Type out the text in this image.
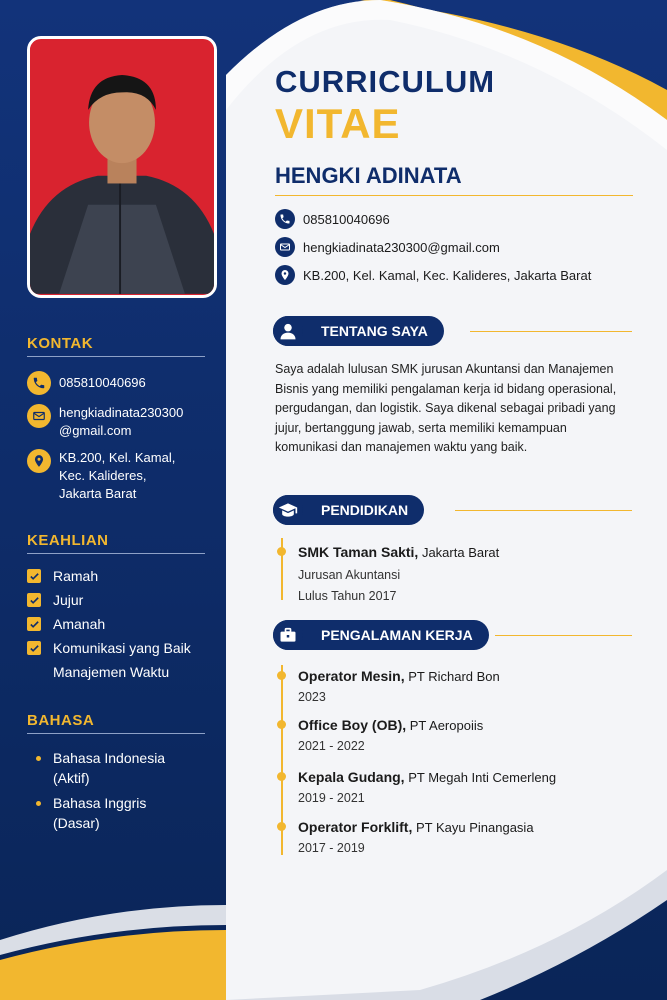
CURRICULUM
VITAE
HENGKI ADINATA
085810040696
hengkiadinata230300@gmail.com
KB.200, Kel. Kamal, Kec. Kalideres, Jakarta Barat
TENTANG SAYA
Saya adalah lulusan SMK jurusan Akuntansi dan Manajemen Bisnis yang memiliki pengalaman kerja id bidang operasional, pergudangan, dan logistik. Saya dikenal sebagai pribadi yang jujur, bertanggung jawab, serta memiliki kemampuan komunikasi dan manajemen waktu yang baik.
PENDIDIKAN
SMK Taman Sakti, Jakarta Barat
Jurusan Akuntansi
Lulus Tahun 2017
PENGALAMAN KERJA
Operator Mesin, PT Richard Bon
2023
Office Boy (OB), PT Aeropoiis
2021 - 2022
Kepala Gudang, PT Megah Inti Cemerleng
2019 - 2021
Operator Forklift, PT Kayu Pinangasia
2017 - 2019
KONTAK
085810040696
hengkiadinata230300
@gmail.com
KB.200, Kel. Kamal,
Kec. Kalideres,
Jakarta Barat
KEAHLIAN
Ramah
Jujur
Amanah
Komunikasi yang Baik
Manajemen Waktu
BAHASA
Bahasa Indonesia
(Aktif)
Bahasa Inggris
(Dasar)
